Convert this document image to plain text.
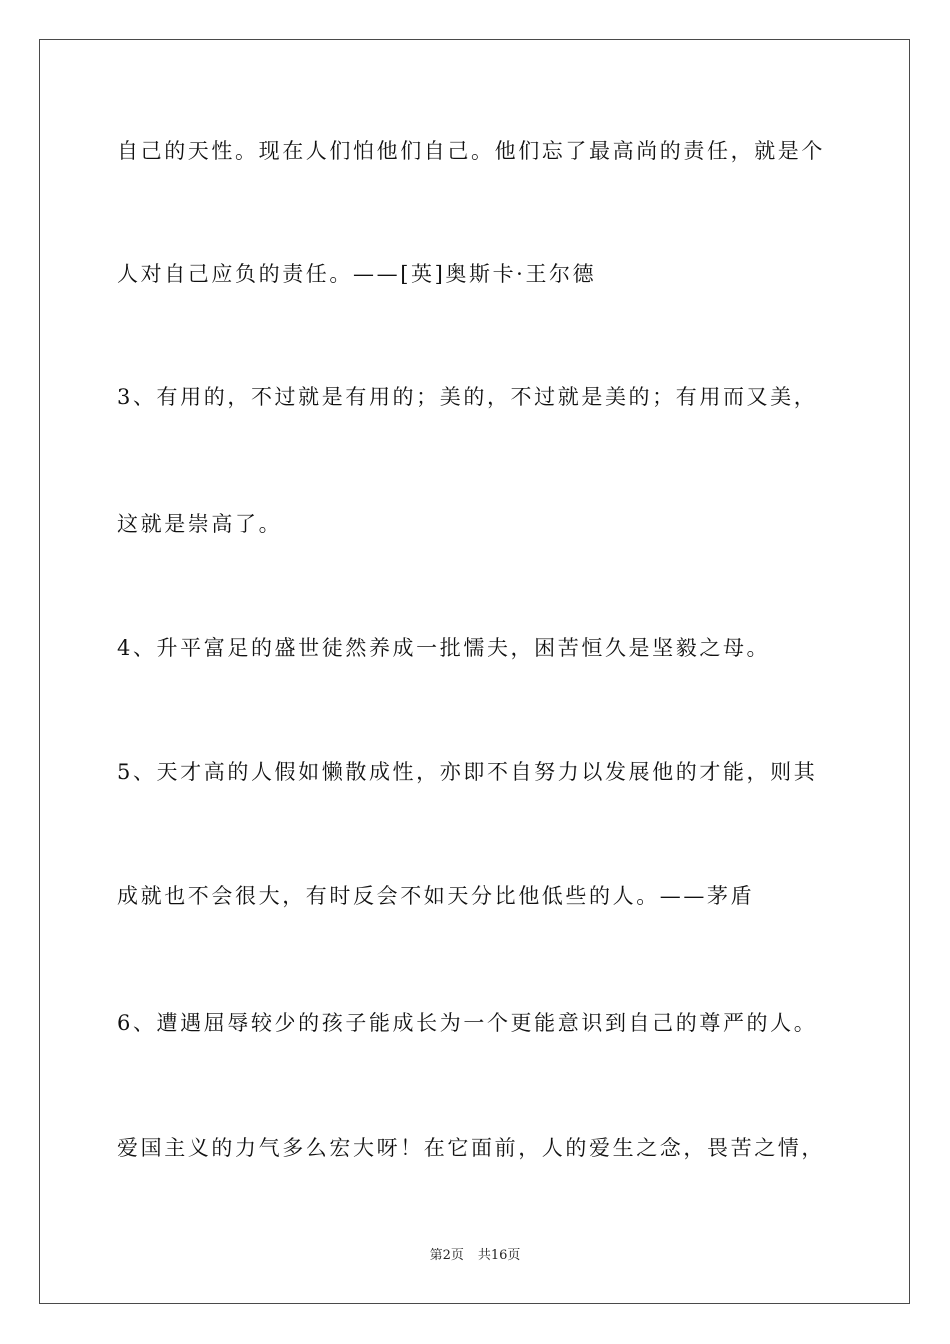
自己的天性。现在人们怕他们自己。他们忘了最高尚的责任，就是个
人对自己应负的责任。——[英]奥斯卡·王尔德
3、有用的，不过就是有用的；美的，不过就是美的；有用而又美，
这就是崇高了。
4、升平富足的盛世徒然养成一批懦夫，困苦恒久是坚毅之母。
5、天才高的人假如懒散成性，亦即不自努力以发展他的才能，则其
成就也不会很大，有时反会不如天分比他低些的人。——茅盾
6、遭遇屈辱较少的孩子能成长为一个更能意识到自己的尊严的人。
爱国主义的力气多么宏大呀！在它面前，人的爱生之念，畏苦之情，
第2页 共16页
